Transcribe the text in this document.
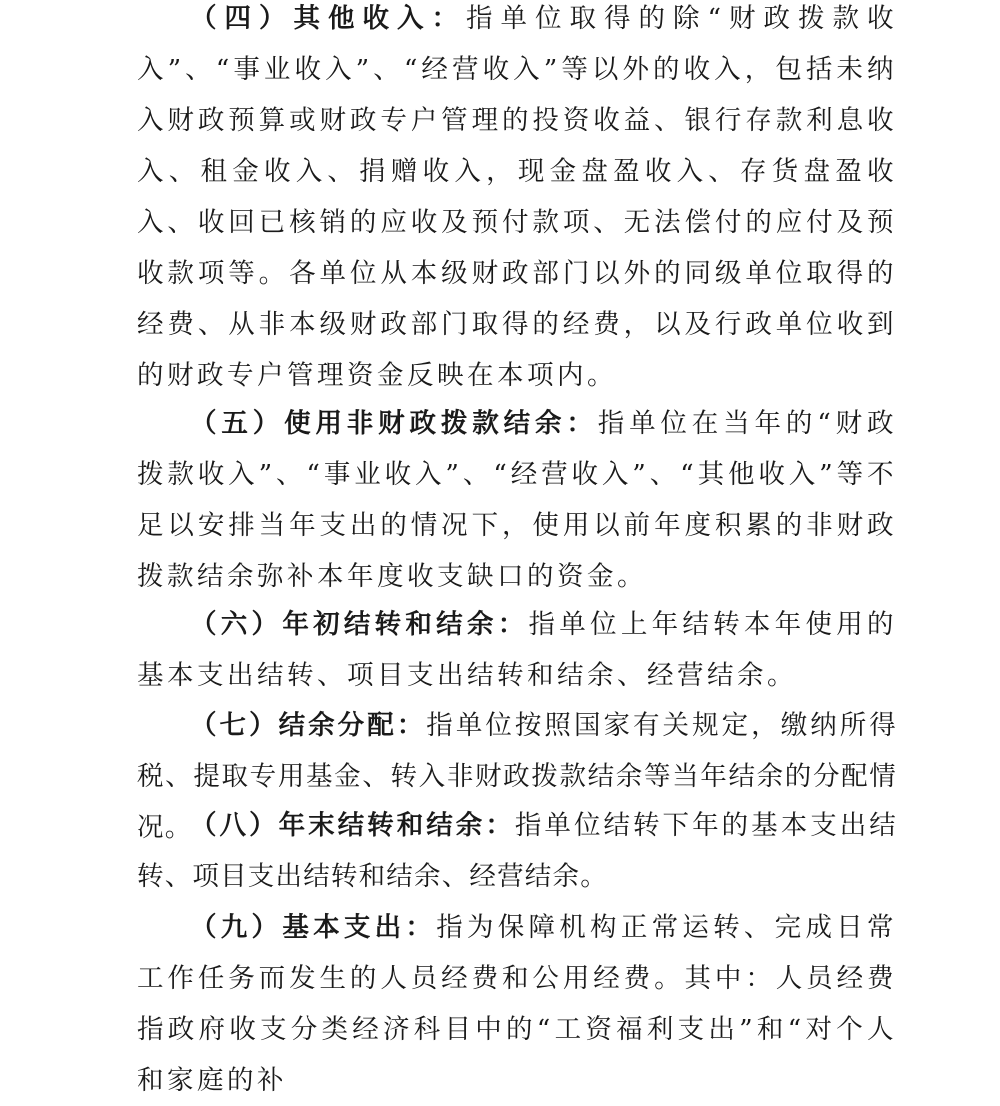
（四）其他收入：指单位取得的除“财政拨款收入”、“事业收入”、“经营收入”等以外的收入，包括未纳入财政预算或财政专户管理的投资收益、银行存款利息收入、租金收入、捐赠收入，现金盘盈收入、存货盘盈收入、收回已核销的应收及预付款项、无法偿付的应付及预收款项等。各单位从本级财政部门以外的同级单位取得的经费、从非本级财政部门取得的经费，以及行政单位收到的财政专户管理资金反映在本项内。

（五）使用非财政拨款结余：指单位在当年的“财政拨款收入”、“事业收入”、“经营收入”、“其他收入”等不足以安排当年支出的情况下，使用以前年度积累的非财政拨款结余弥补本年度收支缺口的资金。

（六）年初结转和结余：指单位上年结转本年使用的基本支出结转、项目支出结转和结余、经营结余。

（七）结余分配：指单位按照国家有关规定，缴纳所得税、提取专用基金、转入非财政拨款结余等当年结余的分配情况。

（八）年末结转和结余：指单位结转下年的基本支出结转、项目支出结转和结余、经营结余。

（九）基本支出：指为保障机构正常运转、完成日常工作任务而发生的人员经费和公用经费。其中：人员经费指政府收支分类经济科目中的“工资福利支出”和“对个人和家庭的补
